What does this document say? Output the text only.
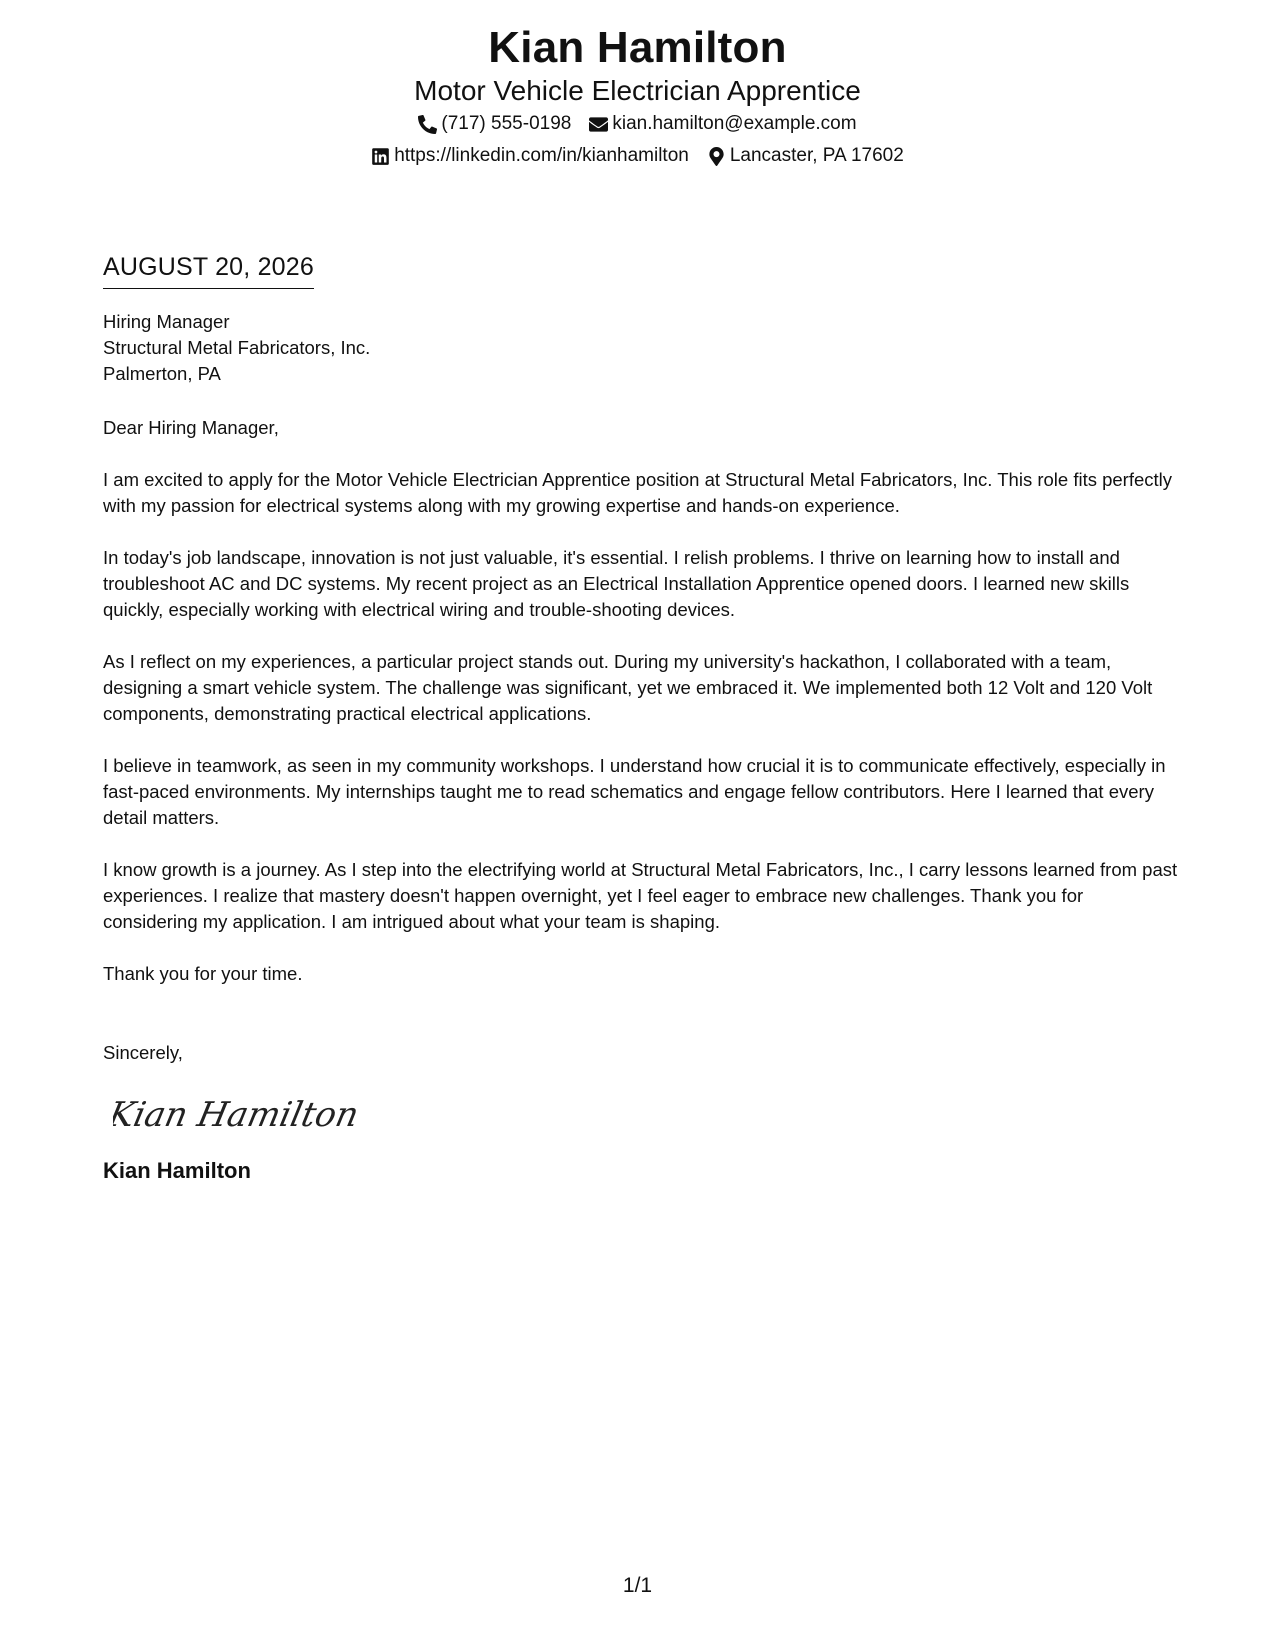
Kian Hamilton
Motor Vehicle Electrician Apprentice
(717) 555-0198 kian.hamilton@example.com
https://linkedin.com/in/kianhamilton Lancaster, PA 17602
AUGUST 20, 2026
Hiring Manager
Structural Metal Fabricators, Inc.
Palmerton, PA
Dear Hiring Manager,
I am excited to apply for the Motor Vehicle Electrician Apprentice position at Structural Metal Fabricators, Inc. This role fits perfectly with my passion for electrical systems along with my growing expertise and hands-on experience.
In today's job landscape, innovation is not just valuable, it's essential. I relish problems. I thrive on learning how to install and troubleshoot AC and DC systems. My recent project as an Electrical Installation Apprentice opened doors. I learned new skills quickly, especially working with electrical wiring and trouble-shooting devices.
As I reflect on my experiences, a particular project stands out. During my university's hackathon, I collaborated with a team, designing a smart vehicle system. The challenge was significant, yet we embraced it. We implemented both 12 Volt and 120 Volt components, demonstrating practical electrical applications.
I believe in teamwork, as seen in my community workshops. I understand how crucial it is to communicate effectively, especially in fast-paced environments. My internships taught me to read schematics and engage fellow contributors. Here I learned that every detail matters.
I know growth is a journey. As I step into the electrifying world at Structural Metal Fabricators, Inc., I carry lessons learned from past experiences. I realize that mastery doesn't happen overnight, yet I feel eager to embrace new challenges. Thank you for considering my application. I am intrigued about what your team is shaping.
Thank you for your time.
Sincerely,
Kian Hamilton
Kian Hamilton
1/1
